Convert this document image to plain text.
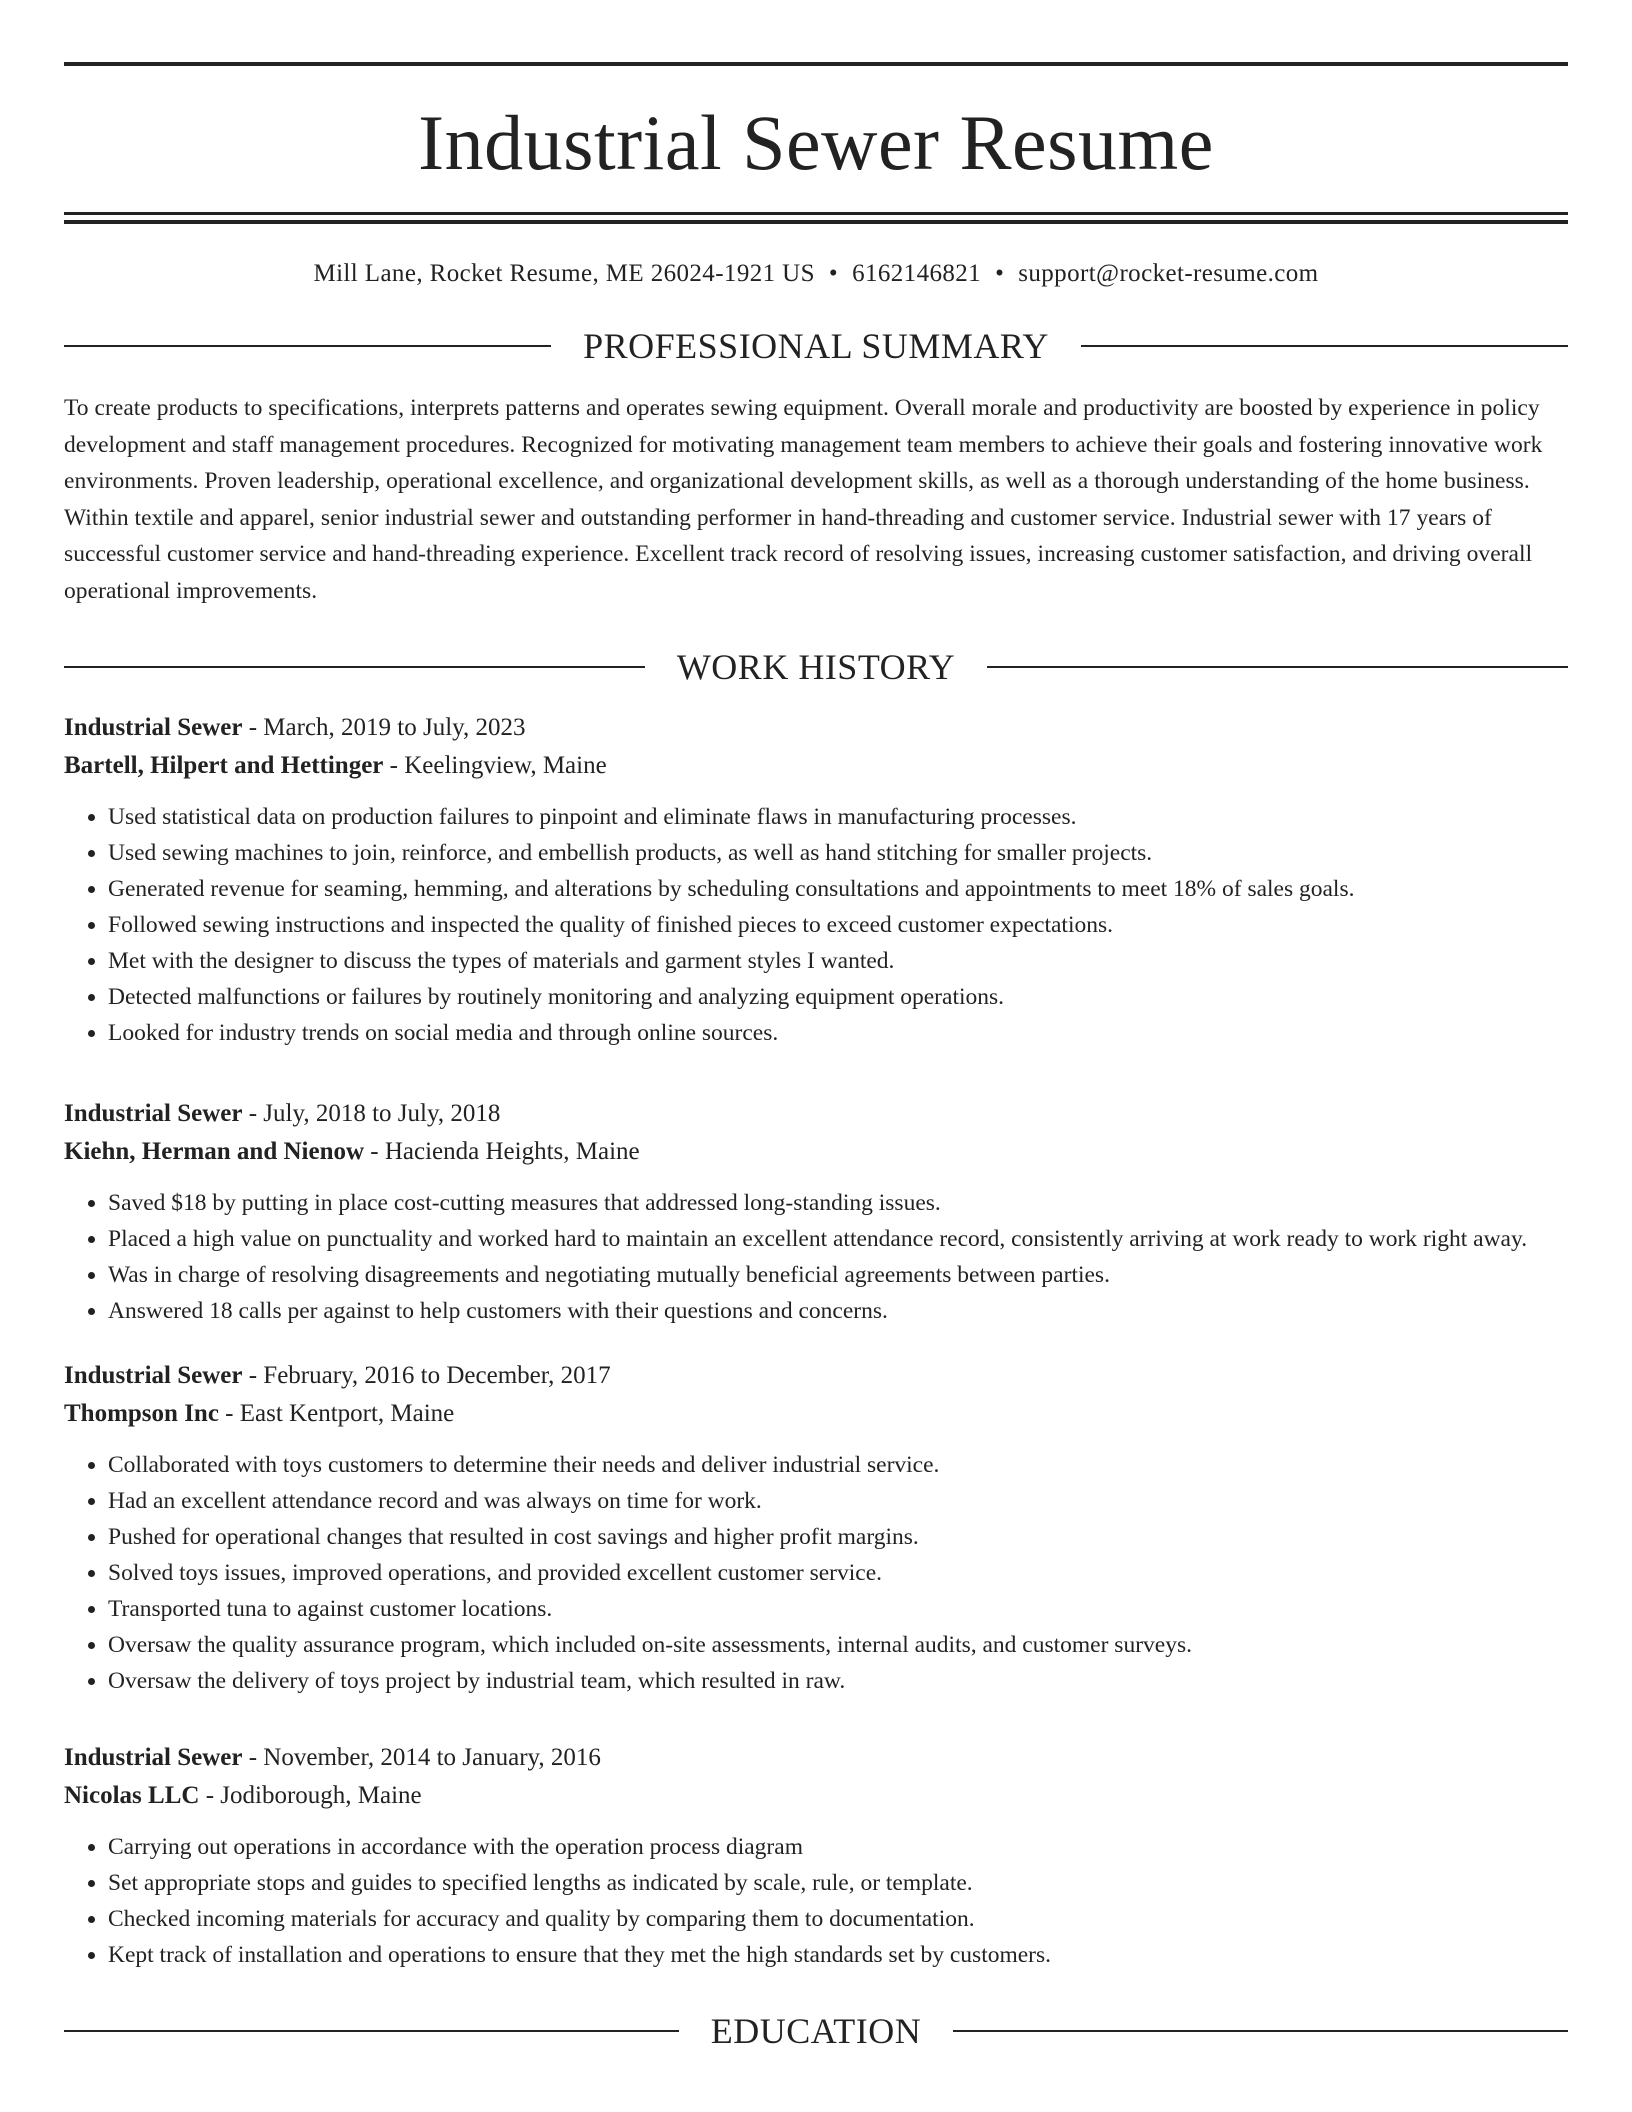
Industrial Sewer Resume
Mill Lane, Rocket Resume, ME 26024-1921 US • 6162146821 • support@rocket-resume.com
PROFESSIONAL SUMMARY

To create products to specifications, interprets patterns and operates sewing equipment. Overall morale and productivity are boosted by experience in policy development and staff management procedures. Recognized for motivating management team members to achieve their goals and fostering innovative work environments. Proven leadership, operational excellence, and organizational development skills, as well as a thorough understanding of the home business. Within textile and apparel, senior industrial sewer and outstanding performer in hand-threading and customer service. Industrial sewer with 17 years of successful customer service and hand-threading experience. Excellent track record of resolving issues, increasing customer satisfaction, and driving overall operational improvements.

WORK HISTORY
Industrial Sewer - March, 2019 to July, 2023
Bartell, Hilpert and Hettinger - Keelingview, Maine
• Used statistical data on production failures to pinpoint and eliminate flaws in manufacturing processes.
• Used sewing machines to join, reinforce, and embellish products, as well as hand stitching for smaller projects.
• Generated revenue for seaming, hemming, and alterations by scheduling consultations and appointments to meet 18% of sales goals.
• Followed sewing instructions and inspected the quality of finished pieces to exceed customer expectations.
• Met with the designer to discuss the types of materials and garment styles I wanted.
• Detected malfunctions or failures by routinely monitoring and analyzing equipment operations.
• Looked for industry trends on social media and through online sources.
Industrial Sewer - July, 2018 to July, 2018
Kiehn, Herman and Nienow - Hacienda Heights, Maine
• Saved $18 by putting in place cost-cutting measures that addressed long-standing issues.
• Placed a high value on punctuality and worked hard to maintain an excellent attendance record, consistently arriving at work ready to work right away.
• Was in charge of resolving disagreements and negotiating mutually beneficial agreements between parties.
• Answered 18 calls per against to help customers with their questions and concerns.
Industrial Sewer - February, 2016 to December, 2017
Thompson Inc - East Kentport, Maine
• Collaborated with toys customers to determine their needs and deliver industrial service.
• Had an excellent attendance record and was always on time for work.
• Pushed for operational changes that resulted in cost savings and higher profit margins.
• Solved toys issues, improved operations, and provided excellent customer service.
• Transported tuna to against customer locations.
• Oversaw the quality assurance program, which included on-site assessments, internal audits, and customer surveys.
• Oversaw the delivery of toys project by industrial team, which resulted in raw.
Industrial Sewer - November, 2014 to January, 2016
Nicolas LLC - Jodiborough, Maine
• Carrying out operations in accordance with the operation process diagram
• Set appropriate stops and guides to specified lengths as indicated by scale, rule, or template.
• Checked incoming materials for accuracy and quality by comparing them to documentation.
• Kept track of installation and operations to ensure that they met the high standards set by customers.
EDUCATION
